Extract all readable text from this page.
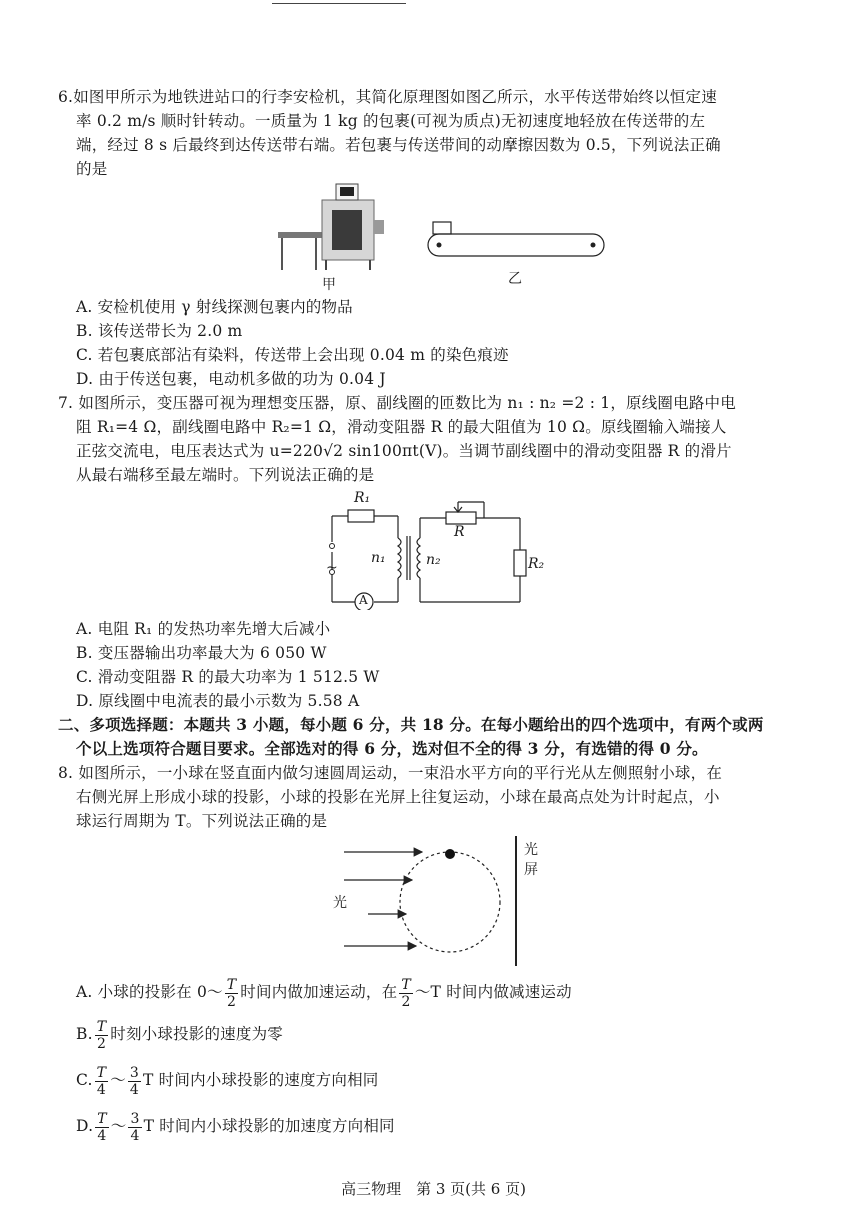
6.如图甲所示为地铁进站口的行李安检机，其简化原理图如图乙所示，水平传送带始终以恒定速
率 0.2 m/s 顺时针转动。一质量为 1 kg 的包裹(可视为质点)无初速度地轻放在传送带的左
端，经过 8 s 后最终到达传送带右端。若包裹与传送带间的动摩擦因数为 0.5，下列说法正确
的是
甲	乙
A. 安检机使用 γ 射线探测包裹内的物品
B. 该传送带长为 2.0 m
C. 若包裹底部沾有染料，传送带上会出现 0.04 m 的染色痕迹
D. 由于传送包裹，电动机多做的功为 0.04 J
7. 如图所示，变压器可视为理想变压器，原、副线圈的匝数比为 n₁ : n₂ =2 : 1，原线圈电路中电
阻 R₁=4 Ω，副线圈电路中 R₂=1 Ω，滑动变阻器 R 的最大阻值为 10 Ω。原线圈输入端接人
正弦交流电，电压表达式为 u=220√2 sin100πt(V)。当调节副线圈中的滑动变阻器 R 的滑片
从最右端移至最左端时。下列说法正确的是
R₁
~
n₁	n₂
R
R₂
A
A. 电阻 R₁ 的发热功率先增大后减小
B. 变压器输出功率最大为 6 050 W
C. 滑动变阻器 R 的最大功率为 1 512.5 W
D. 原线圈中电流表的最小示数为 5.58 A
二、多项选择题：本题共 3 小题，每小题 6 分，共 18 分。在每小题给出的四个选项中，有两个或两
个以上选项符合题目要求。全部选对的得 6 分，选对但不全的得 3 分，有选错的得 0 分。
8. 如图所示，一小球在竖直面内做匀速圆周运动，一束沿水平方向的平行光从左侧照射小球，在
右侧光屏上形成小球的投影，小球的投影在光屏上往复运动，小球在最高点处为计时起点，小
球运行周期为 T。下列说法正确的是
光
光
屏
A. 小球的投影在 0～ $\frac{T}{2}$ 时间内做加速运动，在 $\frac{T}{2}$ ～T 时间内做减速运动
B. $\frac{T}{2}$ 时刻小球投影的速度为零
C. $\frac{T}{4}$ ～ $\frac{3}{4}$ T 时间内小球投影的速度方向相同
D. $\frac{T}{4}$ ～ $\frac{3}{4}$ T 时间内小球投影的加速度方向相同
高三物理　第 3 页(共 6 页)
